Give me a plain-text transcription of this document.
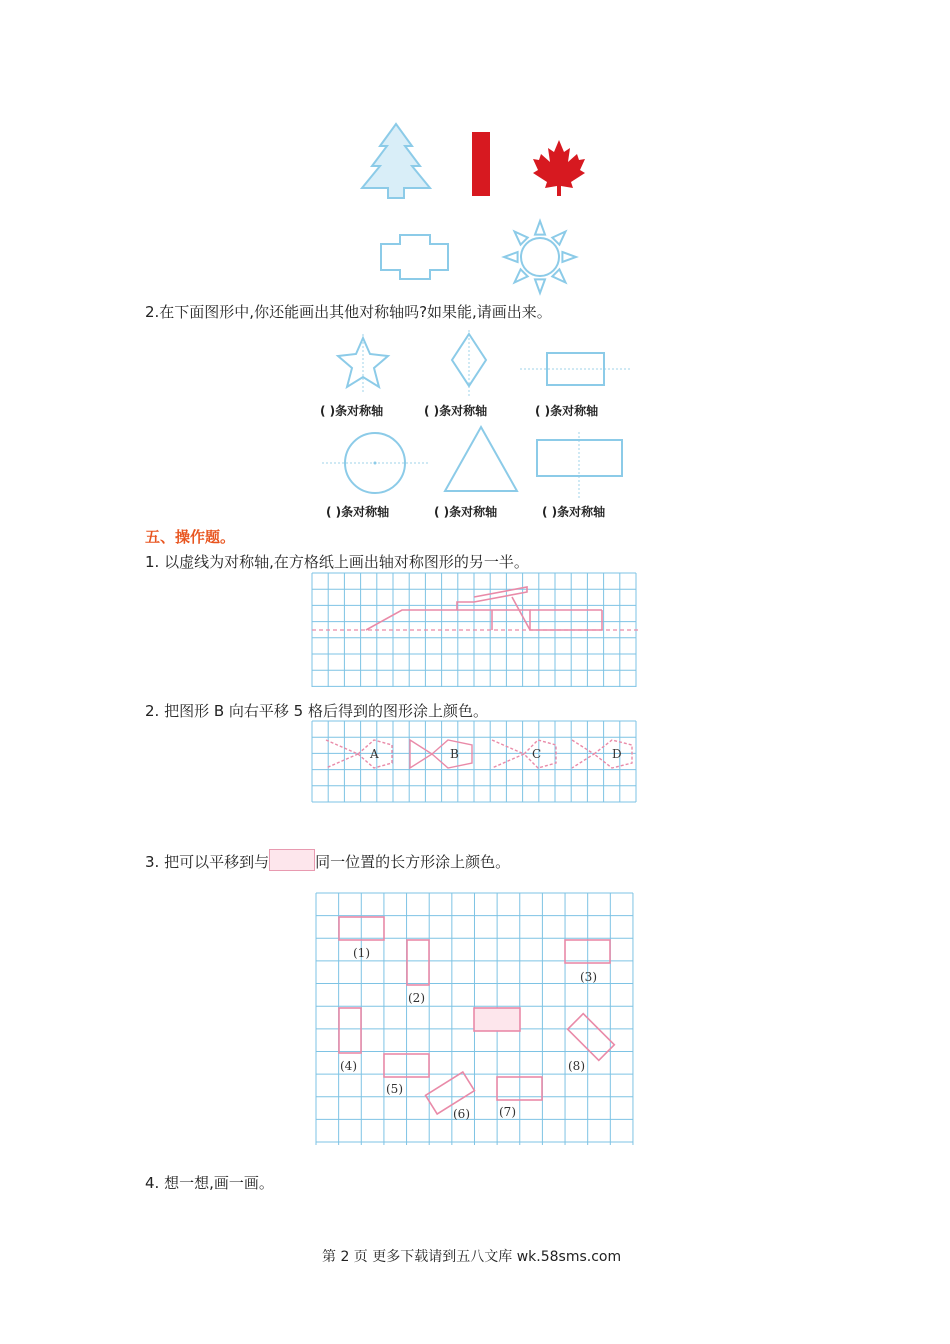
2.在下面图形中,你还能画出其他对称轴吗?如果能,请画出来。
( )条对称轴	( )条对称轴	( )条对称轴
( )条对称轴	( )条对称轴	( )条对称轴
五、操作题。
1. 以虚线为对称轴,在方格纸上画出轴对称图形的另一半。
2. 把图形 B 向右平移 5 格后得到的图形涂上颜色。
A	B	C	D
3. 把可以平移到与	同一位置的长方形涂上颜色。
(1)
(2)
(3)
(4)
(5)
(6) (7)
(8)
4. 想一想,画一画。
第 2 页 更多下载请到五八文库 wk.58sms.com
